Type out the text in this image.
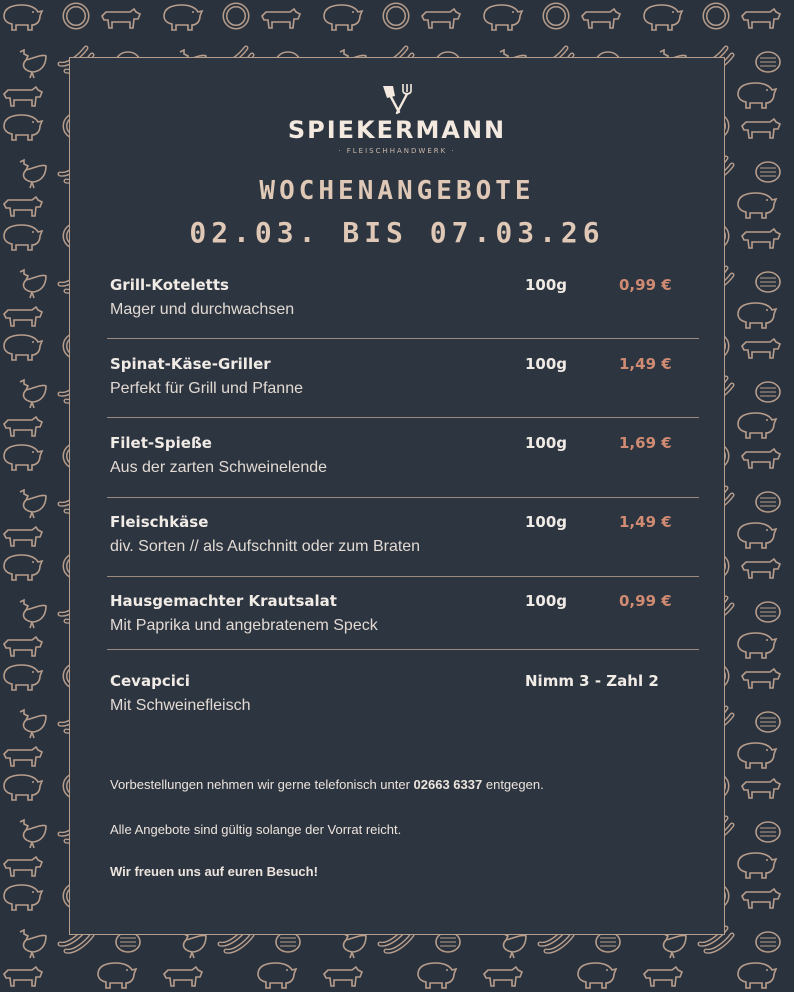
SPIEKERMANN
· FLEISCHHANDWERK ·
WOCHENANGEBOTE
02.03. BIS 07.03.26
Grill-Koteletts
Mager und durchwachsen
100g	0,99 €
Spinat-Käse-Griller
Perfekt für Grill und Pfanne
100g	1,49 €
Filet-Spieße
Aus der zarten Schweinelende
100g	1,69 €
Fleischkäse
div. Sorten // als Aufschnitt oder zum Braten
100g	1,49 €
Hausgemachter Krautsalat
Mit Paprika und angebratenem Speck
100g	0,99 €
Cevapcici
Mit Schweinefleisch
Nimm 3 - Zahl 2
Vorbestellungen nehmen wir gerne telefonisch unter 02663 6337 entgegen.
Alle Angebote sind gültig solange der Vorrat reicht.
Wir freuen uns auf euren Besuch!
